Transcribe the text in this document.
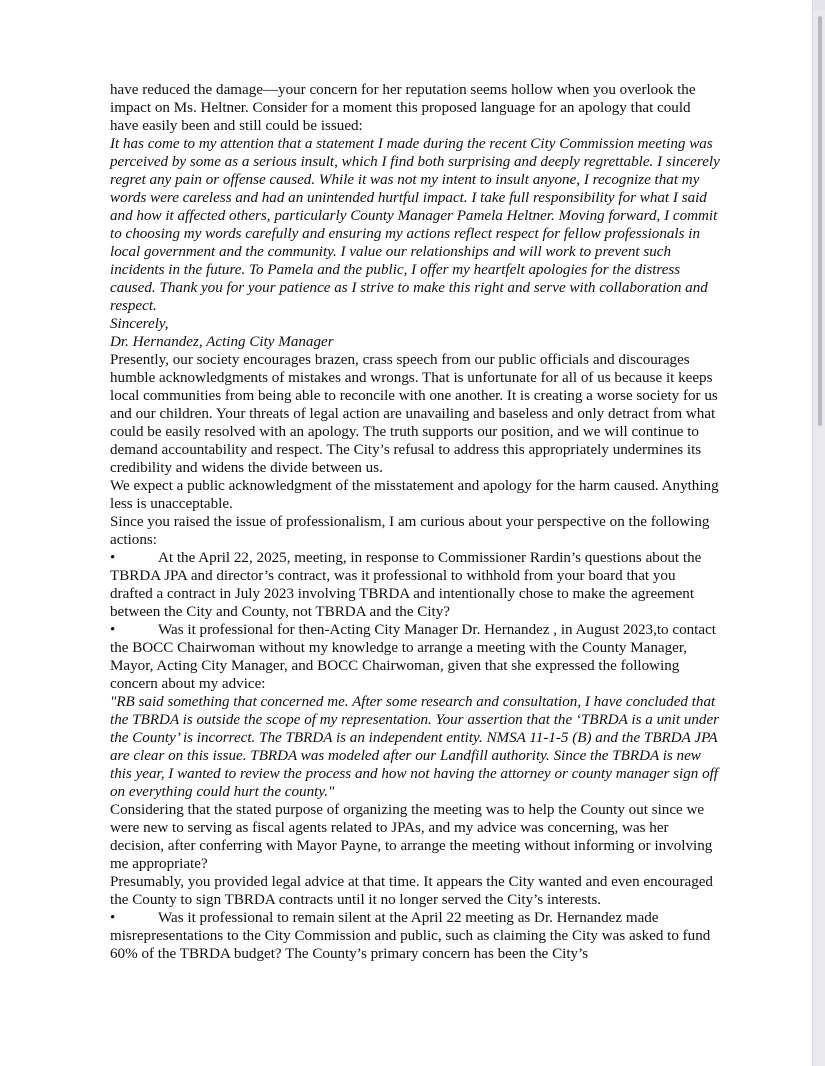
have reduced the damage—your concern for her reputation seems hollow when you overlook the impact on Ms. Heltner. Consider for a moment this proposed language for an apology that could have easily been and still could be issued:

It has come to my attention that a statement I made during the recent City Commission meeting was perceived by some as a serious insult, which I find both surprising and deeply regrettable. I sincerely regret any pain or offense caused. While it was not my intent to insult anyone, I recognize that my words were careless and had an unintended hurtful impact. I take full responsibility for what I said and how it affected others, particularly County Manager Pamela Heltner. Moving forward, I commit to choosing my words carefully and ensuring my actions reflect respect for fellow professionals in local government and the community. I value our relationships and will work to prevent such incidents in the future. To Pamela and the public, I offer my heartfelt apologies for the distress caused. Thank you for your patience as I strive to make this right and serve with collaboration and respect.

Sincerely,

Dr. Hernandez, Acting City Manager

Presently, our society encourages brazen, crass speech from our public officials and discourages humble acknowledgments of mistakes and wrongs. That is unfortunate for all of us because it keeps local communities from being able to reconcile with one another. It is creating a worse society for us and our children. Your threats of legal action are unavailing and baseless and only detract from what could be easily resolved with an apology. The truth supports our position, and we will continue to demand accountability and respect. The City’s refusal to address this appropriately undermines its credibility and widens the divide between us.

We expect a public acknowledgment of the misstatement and apology for the harm caused. Anything less is unacceptable.

Since you raised the issue of professionalism, I am curious about your perspective on the following actions:

•	At the April 22, 2025, meeting, in response to Commissioner Rardin’s questions about the TBRDA JPA and director’s contract, was it professional to withhold from your board that you drafted a contract in July 2023 involving TBRDA and intentionally chose to make the agreement between the City and County, not TBRDA and the City?

•	Was it professional for then-Acting City Manager Dr. Hernandez , in August 2023,to contact the BOCC Chairwoman without my knowledge to arrange a meeting with the County Manager, Mayor, Acting City Manager, and BOCC Chairwoman, given that she expressed the following concern about my advice:

"RB said something that concerned me. After some research and consultation, I have concluded that the TBRDA is outside the scope of my representation. Your assertion that the ‘TBRDA is a unit under the County’ is incorrect. The TBRDA is an independent entity. NMSA 11-1-5 (B) and the TBRDA JPA are clear on this issue. TBRDA was modeled after our Landfill authority. Since the TBRDA is new this year, I wanted to review the process and how not having the attorney or county manager sign off on everything could hurt the county."

Considering that the stated purpose of organizing the meeting was to help the County out since we were new to serving as fiscal agents related to JPAs, and my advice was concerning, was her decision, after conferring with Mayor Payne, to arrange the meeting without informing or involving me appropriate?

Presumably, you provided legal advice at that time. It appears the City wanted and even encouraged the County to sign TBRDA contracts until it no longer served the City’s interests.

•	Was it professional to remain silent at the April 22 meeting as Dr. Hernandez made misrepresentations to the City Commission and public, such as claiming the City was asked to fund 60% of the TBRDA budget? The County’s primary concern has been the City’s
